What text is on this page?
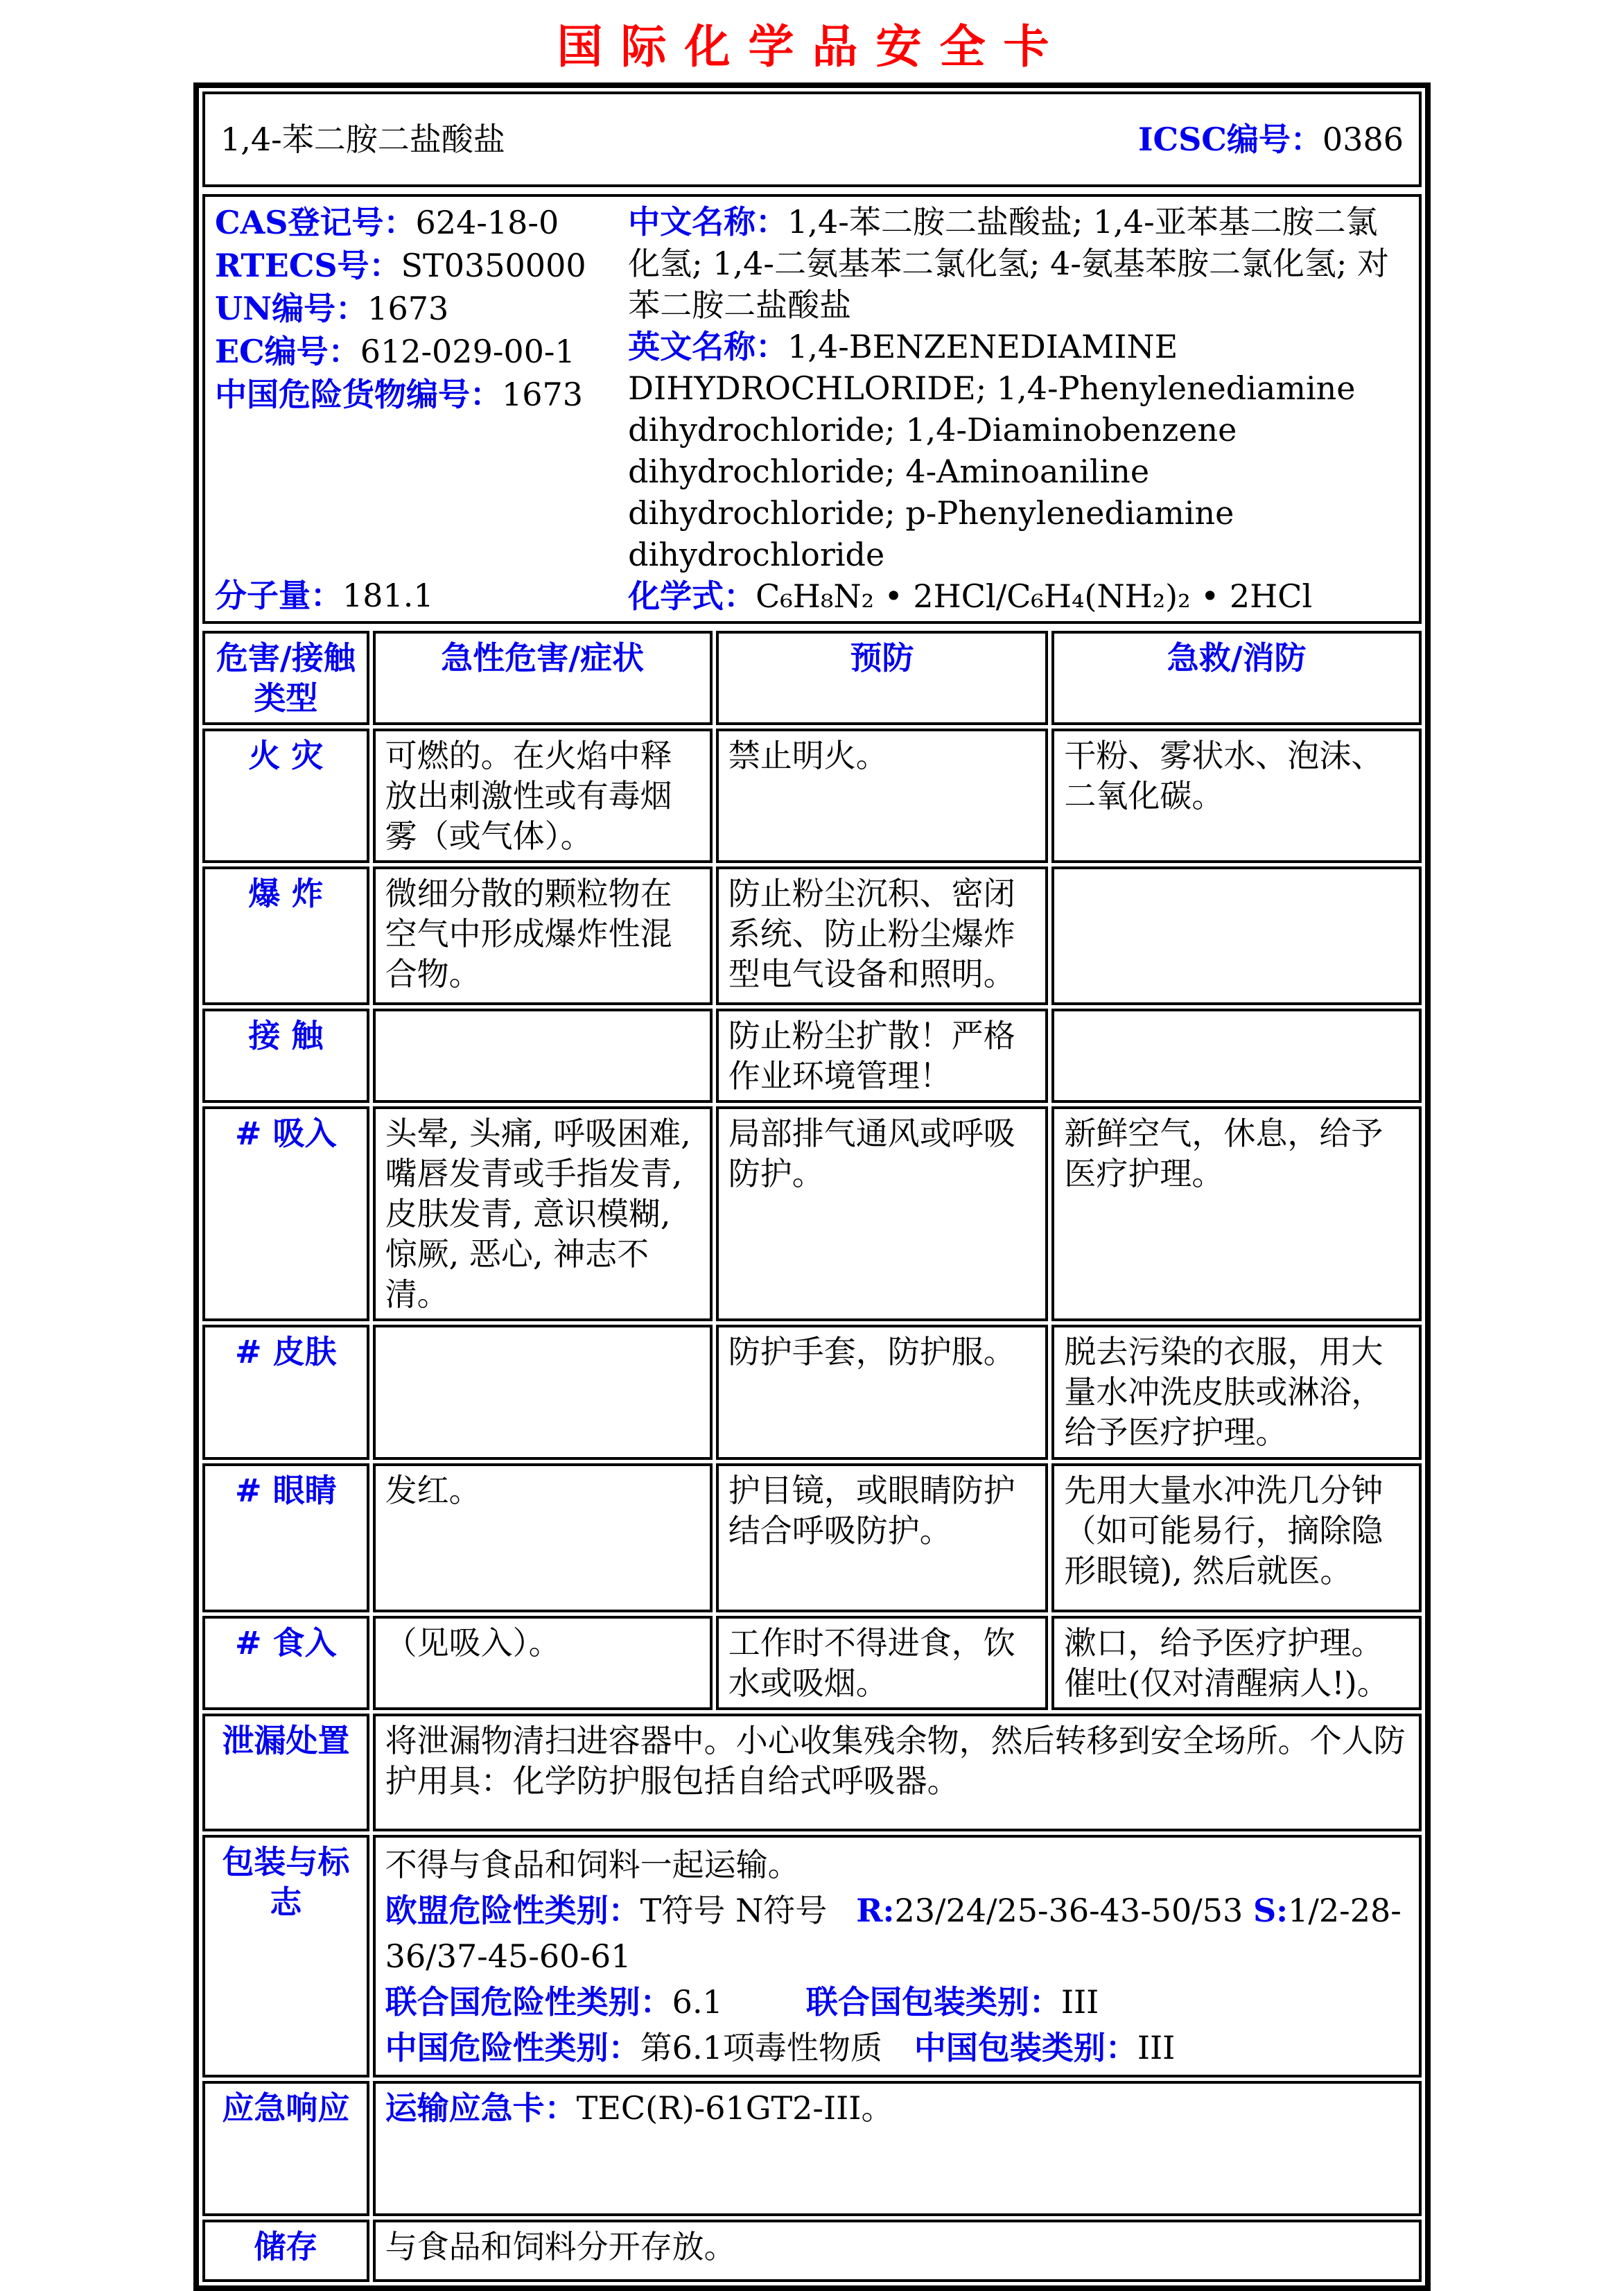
国际化学品安全卡
1,4-苯二胺二盐酸盐	ICSC编号：0386
CAS登记号：624-18-0
RTECS号：ST0350000
UN编号：1673
EC编号：612-029-00-1
中国危险货物编号：1673
分子量：181.1
中文名称：1,4-苯二胺二盐酸盐; 1,4-亚苯基二胺二氯化氢; 1,4-二氨基苯二氯化氢; 4-氨基苯胺二氯化氢; 对苯二胺二盐酸盐
英文名称：1,4-BENZENEDIAMINE DIHYDROCHLORIDE; 1,4-Phenylenediamine dihydrochloride; 1,4-Diaminobenzene dihydrochloride; 4-Aminoaniline dihydrochloride; p-Phenylenediamine dihydrochloride
化学式：C₆H₈N₂ • 2HCl/C₆H₄(NH₂)₂ • 2HCl
危害/接触类型	急性危害/症状	预防	急救/消防
火 灾	可燃的。在火焰中释放出刺激性或有毒烟雾（或气体）。	禁止明火。	干粉、雾状水、泡沫、二氧化碳。
爆 炸	微细分散的颗粒物在空气中形成爆炸性混合物。	防止粉尘沉积、密闭系统、防止粉尘爆炸型电气设备和照明。	
接 触		防止粉尘扩散！严格作业环境管理！	
# 吸入	头晕, 头痛, 呼吸困难, 嘴唇发青或手指发青, 皮肤发青, 意识模糊, 惊厥, 恶心, 神志不清。	局部排气通风或呼吸防护。	新鲜空气，休息，给予医疗护理。
# 皮肤		防护手套，防护服。	脱去污染的衣服，用大量水冲洗皮肤或淋浴，给予医疗护理。
# 眼睛	发红。	护目镜，或眼睛防护结合呼吸防护。	先用大量水冲洗几分钟（如可能易行，摘除隐形眼镜), 然后就医。
# 食入	（见吸入）。	工作时不得进食，饮水或吸烟。	漱口，给予医疗护理。催吐(仅对清醒病人!)。
泄漏处置	将泄漏物清扫进容器中。小心收集残余物，然后转移到安全场所。个人防护用具：化学防护服包括自给式呼吸器。		
包装与标志	不得与食品和饲料一起运输。
欧盟危险性类别：T符号 N符号 R:23/24/25-36-43-50/53 S:1/2-28-36/37-45-60-61
联合国危险性类别：6.1 联合国包装类别：III
中国危险性类别：第6.1项毒性物质 中国包装类别：III		

应急响应	运输应急卡：TEC(R)-61GT2-III。		
储存	与食品和饲料分开存放。		
